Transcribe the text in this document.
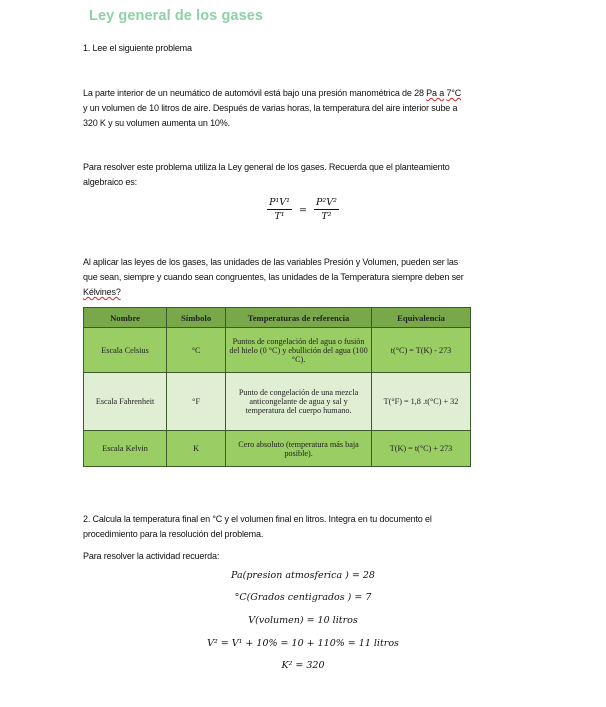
Ley general de los gases
1. Lee el siguiente problema
La parte interior de un neumático de automóvil está bajo una presión manométrica de 28 Pa a 7°C
y un volumen de 10 litros de aire. Después de varias horas, la temperatura del aire interior sube a
320 K y su volumen aumenta un 10%.
Para resolver este problema utiliza la Ley general de los gases. Recuerda que el planteamiento
algebraico es:
$\frac{\text{P¹V¹}}{\text{T¹}} = \frac{\text{P²V²}}{\text{T²}}$
Al aplicar las leyes de los gases, las unidades de las variables Presión y Volumen, pueden ser las
que sean, siempre y cuando sean congruentes, las unidades de la Temperatura siempre deben ser
Kélvines?
Nombre	Símbolo	Temperaturas de referencia	Equivalencia
Escala Celsius	°C	Puntos de congelación del agua o fusión del hielo (0 °C) y ebullición del agua (100 °C).	t(°C) = T(K) - 273
Escala Fahrenheit	°F	Punto de congelación de una mezcla anticongelante de agua y sal y temperatura del cuerpo humano.	T(°F) = 1,8 .t(°C) + 32
Escala Kelvin	K	Cero absoluto (temperatura más baja posible).	T(K) = t(°C) + 273
2. Calcula la temperatura final en °C y el volumen final en litros. Integra en tu documento el
procedimiento para la resolución del problema.
Para resolver la actividad recuerda:
Pa(presion atmosferica ) = 28
°C(Grados centigrados ) = 7
V(volumen) = 10 litros
V² = V¹ + 10% = 10 + 110% = 11 litros
K² = 320
